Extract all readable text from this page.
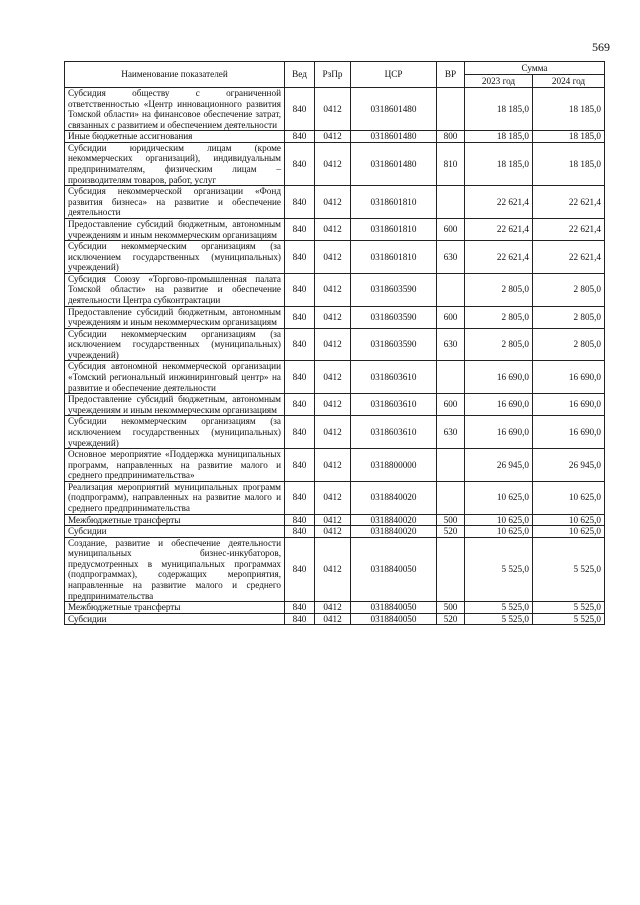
569
Наименование показателей	Вед	РзПр	ЦСР	ВР	Сумма	
					2023 год	2024 год
Субсидия обществу с ограниченной ответственностью «Центр инновационного развития Томской области» на финансовое обеспечение затрат, связанных с развитием и обеспечением деятельности	840	0412	0318601480		18 185,0	18 185,0
Иные бюджетные ассигнования	840	0412	0318601480	800	18 185,0	18 185,0
Субсидии юридическим лицам (кроме некоммерческих организаций), индивидуальным предпринимателям, физическим лицам – производителям товаров, работ, услуг	840	0412	0318601480	810	18 185,0	18 185,0
Субсидия некоммерческой организации «Фонд развития бизнеса» на развитие и обеспечение деятельности	840	0412	0318601810		22 621,4	22 621,4
Предоставление субсидий бюджетным, автономным учреждениям и иным некоммерческим организациям	840	0412	0318601810	600	22 621,4	22 621,4
Субсидии некоммерческим организациям (за исключением государственных (муниципальных) учреждений)	840	0412	0318601810	630	22 621,4	22 621,4
Субсидия Союзу «Торгово-промышленная палата Томской области» на развитие и обеспечение деятельности Центра субконтрактации	840	0412	0318603590		2 805,0	2 805,0
Предоставление субсидий бюджетным, автономным учреждениям и иным некоммерческим организациям	840	0412	0318603590	600	2 805,0	2 805,0
Субсидии некоммерческим организациям (за исключением государственных (муниципальных) учреждений)	840	0412	0318603590	630	2 805,0	2 805,0
Субсидия автономной некоммерческой организации «Томский региональный инжиниринговый центр» на развитие и обеспечение деятельности	840	0412	0318603610		16 690,0	16 690,0
Предоставление субсидий бюджетным, автономным учреждениям и иным некоммерческим организациям	840	0412	0318603610	600	16 690,0	16 690,0
Субсидии некоммерческим организациям (за исключением государственных (муниципальных) учреждений)	840	0412	0318603610	630	16 690,0	16 690,0
Основное мероприятие «Поддержка муниципальных программ, направленных на развитие малого и среднего предпринимательства»	840	0412	0318800000		26 945,0	26 945,0
Реализация мероприятий муниципальных программ (подпрограмм), направленных на развитие малого и среднего предпринимательства	840	0412	0318840020		10 625,0	10 625,0
Межбюджетные трансферты	840	0412	0318840020	500	10 625,0	10 625,0
Субсидии	840	0412	0318840020	520	10 625,0	10 625,0
Создание, развитие и обеспечение деятельности муниципальных бизнес-инкубаторов, предусмотренных в муниципальных программах (подпрограммах), содержащих мероприятия, направленные на развитие малого и среднего предпринимательства	840	0412	0318840050		5 525,0	5 525,0
Межбюджетные трансферты	840	0412	0318840050	500	5 525,0	5 525,0
Субсидии	840	0412	0318840050	520	5 525,0	5 525,0
